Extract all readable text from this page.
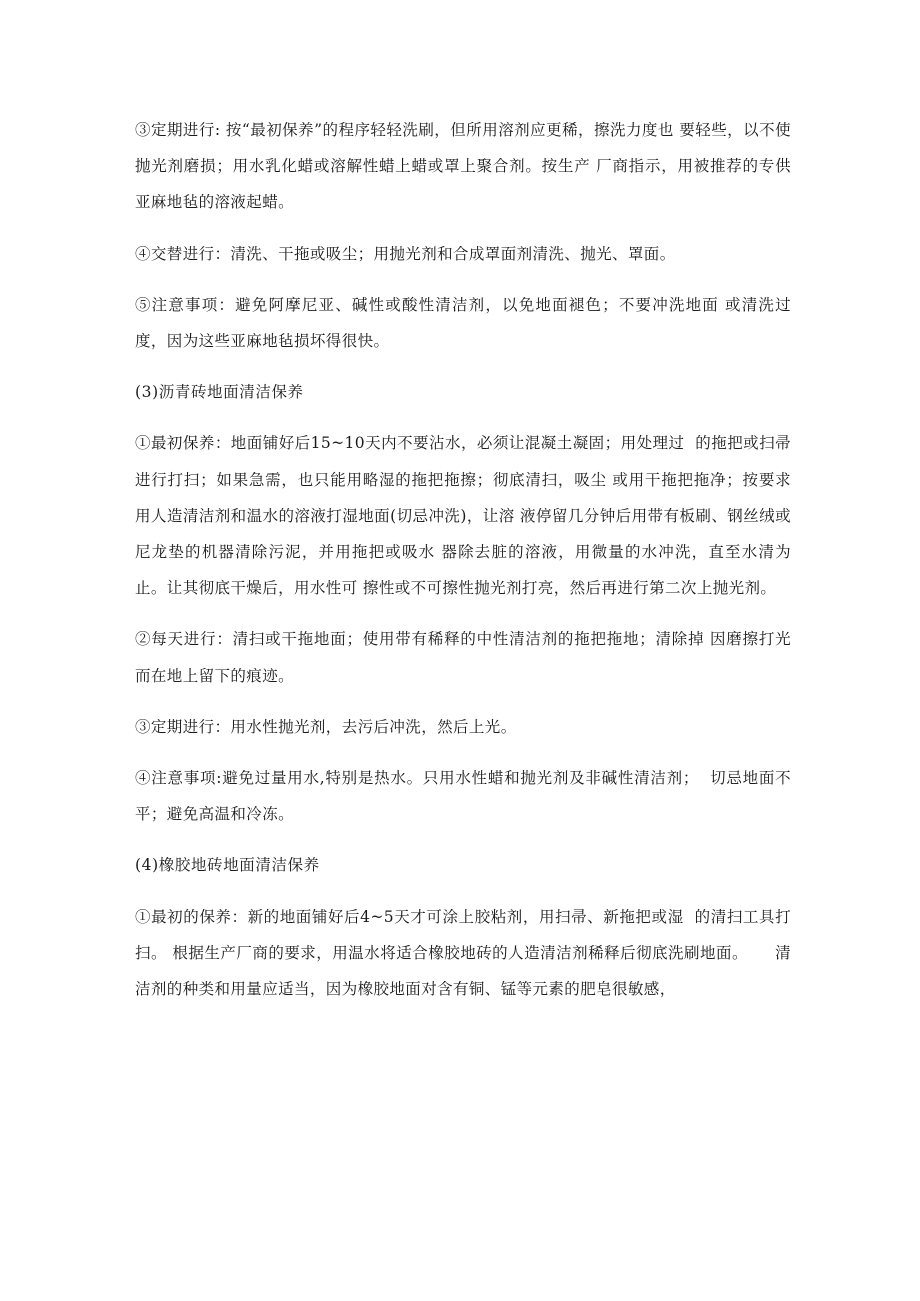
③定期进行: 按“最初保养”的程序轻轻洗刷，但所用溶剂应更稀，擦洗力度也 要轻些，以不使抛光剂磨损；用水乳化蜡或溶解性蜡上蜡或罩上聚合剂。按生产 厂商指示，用被推荐的专供亚麻地毡的溶液起蜡。

④交替进行：清洗、干拖或吸尘；用抛光剂和合成罩面剂清洗、抛光、罩面。

⑤注意事项：避免阿摩尼亚、碱性或酸性清洁剂，以免地面褪色；不要冲洗地面 或清洗过度，因为这些亚麻地毡损坏得很快。

(3)沥青砖地面清洁保养

①最初保养：地面铺好后15~10天内不要沾水，必须让混凝土凝固；用处理过  的拖把或扫帚进行打扫；如果急需，也只能用略湿的拖把拖擦；彻底清扫，吸尘 或用干拖把拖净；按要求用人造清洁剂和温水的溶液打湿地面(切忌冲洗)，让溶 液停留几分钟后用带有板刷、钢丝绒或尼龙垫的机器清除污泥，并用拖把或吸水 器除去脏的溶液，用微量的水冲洗，直至水清为止。让其彻底干燥后，用水性可 擦性或不可擦性抛光剂打亮，然后再进行第二次上抛光剂。

②每天进行：清扫或干拖地面；使用带有稀释的中性清洁剂的拖把拖地；清除掉 因磨擦打光而在地上留下的痕迹。

③定期进行：用水性抛光剂，去污后冲洗，然后上光。

④注意事项:避免过量用水,特别是热水。只用水性蜡和抛光剂及非碱性清洁剂；  切忌地面不平；避免高温和冷冻。

(4)橡胶地砖地面清洁保养

①最初的保养：新的地面铺好后4~5天才可涂上胶粘剂，用扫帚、新拖把或湿  的清扫工具打扫。 根据生产厂商的要求，用温水将适合橡胶地砖的人造清洁剂稀释后彻底洗刷地面。     清洁剂的种类和用量应适当，因为橡胶地面对含有铜、锰等元素的肥皂很敏感，
